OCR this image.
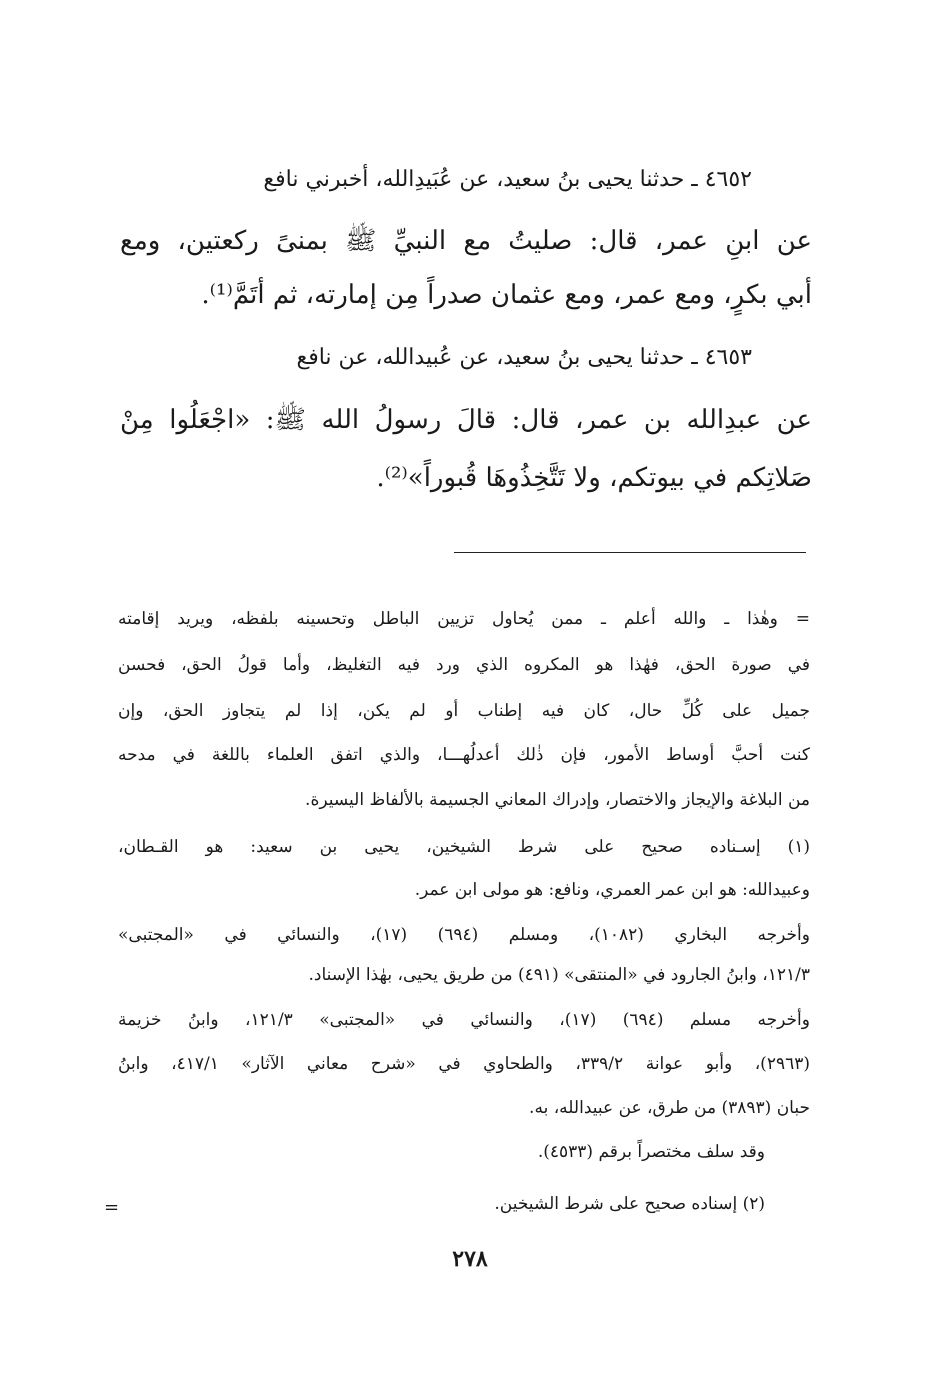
٤٦٥٢ ـ حدثنا يحيى بنُ سعيد، عن عُبَيدِالله، أخبرني نافع
عن ابنِ عمر، قال: صليتُ مع النبيِّ ﷺ بمنىً ركعتين، ومع
أبي بكرٍ، ومع عمر، ومع عثمان صدراً مِن إمارته، ثم أتَمَّ⁽¹⁾.
٤٦٥٣ ـ حدثنا يحيى بنُ سعيد، عن عُبيدالله، عن نافع
عن عبدِالله بن عمر، قال: قالَ رسولُ الله ﷺ: «اجْعَلُوا مِنْ
صَلاتِكم في بيوتكم، ولا تَتَّخِذُوهَا قُبوراً»⁽²⁾.
= وهٰذا ـ والله أعلم ـ ممن يُحاول تزيين الباطل وتحسينه بلفظه، ويريد إقامته
في صورة الحق، فهٰذا هو المكروه الذي ورد فيه التغليظ، وأما قولُ الحق، فحسن
جميل على كُلِّ حال، كان فيه إطناب أو لم يكن، إذا لم يتجاوز الحق، وإن
كنت أحبَّ أوساط الأمور، فإن ذٰلك أعدلُهـــا، والذي اتفق العلماء باللغة في مدحه
من البلاغة والإيجاز والاختصار، وإدراك المعاني الجسيمة بالألفاظ اليسيرة.
(١) إسـناده صحيح على شرط الشيخين، يحيى بن سعيد: هو القـطان،
وعبيدالله: هو ابن عمر العمري، ونافع: هو مولى ابن عمر.
وأخرجه البخاري (١٠٨٢)، ومسلم (٦٩٤) (١٧)، والنسائي في «المجتبى»
١٢١/٣، وابنُ الجارود في «المنتقى» (٤٩١) من طريق يحيى، بهٰذا الإسناد.
وأخرجه مسلم (٦٩٤) (١٧)، والنسائي في «المجتبى» ١٢١/٣، وابنُ خزيمة
(٢٩٦٣)، وأبو عوانة ٣٣٩/٢، والطحاوي في «شرح معاني الآثار» ٤١٧/١، وابنُ
حبان (٣٨٩٣) من طرق، عن عبيدالله، به.
وقد سلف مختصراً برقم (٤٥٣٣).
(٢) إسناده صحيح على شرط الشيخين.
=
٢٧٨
